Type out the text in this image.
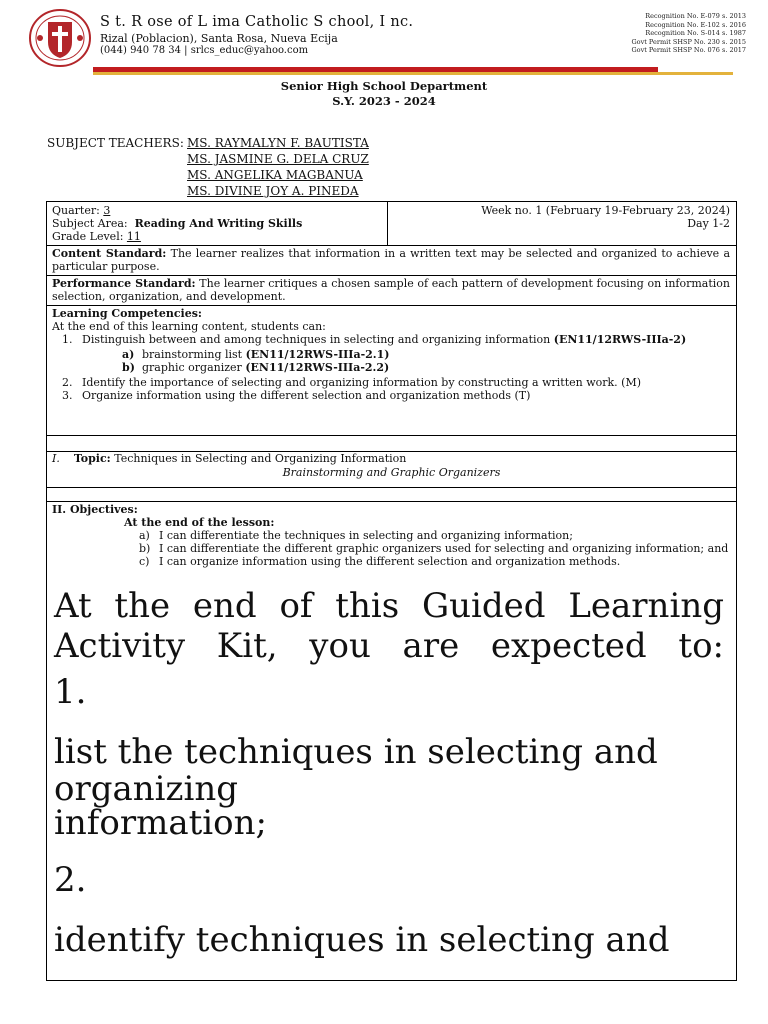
S t. R ose of L ima Catholic S chool, I nc.
Rizal (Poblacion), Santa Rosa, Nueva Ecija
(044) 940 78 34 | srlcs_educ@yahoo.com
Recognition No. E-079 s. 2013
Recognition No. E-102 s. 2016
Recognition No. S-014 s. 1987
Govt Permit SHSP No. 230 s. 2015
Govt Permit SHSP No. 076 s. 2017
Senior High School Department
S.Y. 2023 - 2024
SUBJECT TEACHERS: MS. RAYMALYN F. BAUTISTA
MS. JASMINE G. DELA CRUZ
MS. ANGELIKA MAGBANUA
MS. DIVINE JOY A. PINEDA
Quarter: 3
Subject Area: Reading And Writing Skills
Grade Level: 11
Week no. 1 (February 19-February 23, 2024)
Day 1-2
Content Standard: The learner realizes that information in a written text may be selected and organized to achieve a particular purpose.
Performance Standard: The learner critiques a chosen sample of each pattern of development focusing on information selection, organization, and development.
Learning Competencies:
At the end of this learning content, students can:
1. Distinguish between and among techniques in selecting and organizing information (EN11/12RWS-IIIa-2)
a) brainstorming list (EN11/12RWS-IIIa-2.1)
b) graphic organizer (EN11/12RWS-IIIa-2.2)
2. Identify the importance of selecting and organizing information by constructing a written work. (M)
3. Organize information using the different selection and organization methods (T)
I. Topic: Techniques in Selecting and Organizing Information
Brainstorming and Graphic Organizers
II. Objectives:
At the end of the lesson:
a) I can differentiate the techniques in selecting and organizing information;
b) I can differentiate the different graphic organizers used for selecting and organizing information; and
c) I can organize information using the different selection and organization methods.

At the end of this Guided Learning

Activity Kit, you are expected to:

1.

list the techniques in selecting and

organizing

information;

2.

identify techniques in selecting and
